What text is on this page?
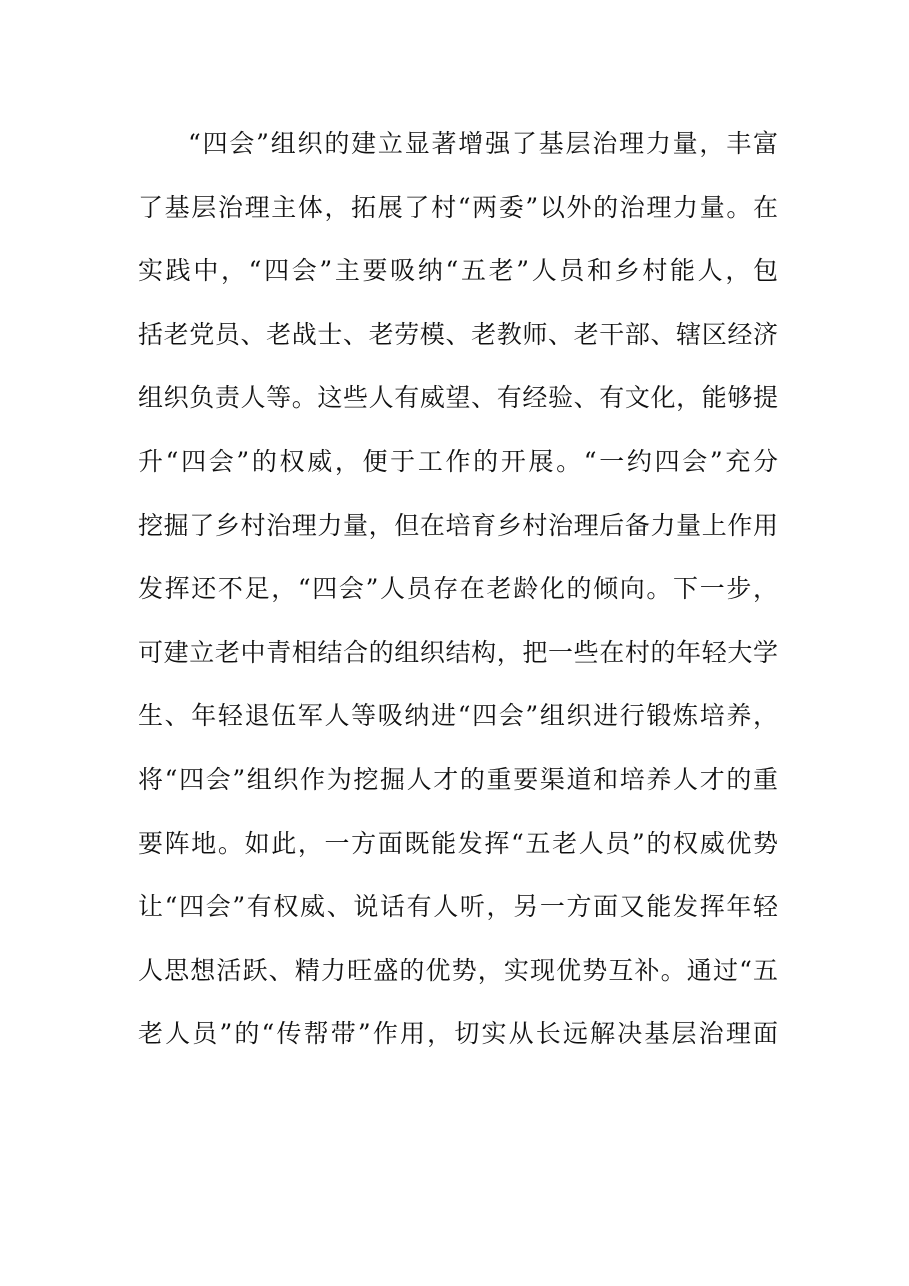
“四会”组织的建立显著增强了基层治理力量，丰富
了基层治理主体，拓展了村“两委”以外的治理力量。在
实践中，“四会”主要吸纳“五老”人员和乡村能人，包
括老党员、老战士、老劳模、老教师、老干部、辖区经济
组织负责人等。这些人有威望、有经验、有文化，能够提
升“四会”的权威，便于工作的开展。“一约四会”充分
挖掘了乡村治理力量，但在培育乡村治理后备力量上作用
发挥还不足，“四会”人员存在老龄化的倾向。下一步，
可建立老中青相结合的组织结构，把一些在村的年轻大学
生、年轻退伍军人等吸纳进“四会”组织进行锻炼培养，
将“四会”组织作为挖掘人才的重要渠道和培养人才的重
要阵地。如此，一方面既能发挥“五老人员”的权威优势
让“四会”有权威、说话有人听，另一方面又能发挥年轻
人思想活跃、精力旺盛的优势，实现优势互补。通过“五
老人员”的“传帮带”作用，切实从长远解决基层治理面
